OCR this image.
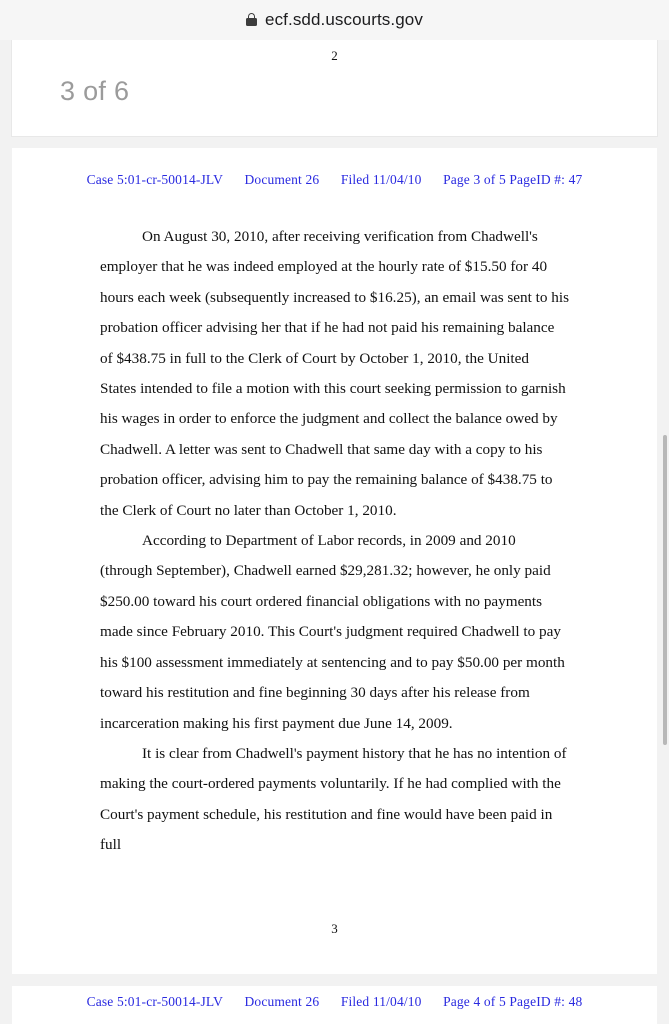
ecf.sdd.uscourts.gov
2
3 of 6
Case 5:01-cr-50014-JLV Document 26 Filed 11/04/10 Page 3 of 5 PageID #: 47

On August 30, 2010, after receiving verification from Chadwell's employer that he was indeed employed at the hourly rate of $15.50 for 40 hours each week (subsequently increased to $16.25), an email was sent to his probation officer advising her that if he had not paid his remaining balance of $438.75 in full to the Clerk of Court by October 1, 2010, the United States intended to file a motion with this court seeking permission to garnish his wages in order to enforce the judgment and collect the balance owed by Chadwell. A letter was sent to Chadwell that same day with a copy to his probation officer, advising him to pay the remaining balance of $438.75 to the Clerk of Court no later than October 1, 2010.

According to Department of Labor records, in 2009 and 2010 (through September), Chadwell earned $29,281.32; however, he only paid $250.00 toward his court ordered financial obligations with no payments made since February 2010. This Court's judgment required Chadwell to pay his $100 assessment immediately at sentencing and to pay $50.00 per month toward his restitution and fine beginning 30 days after his release from incarceration making his first payment due June 14, 2009.

It is clear from Chadwell's payment history that he has no intention of making the court-ordered payments voluntarily. If he had complied with the Court's payment schedule, his restitution and fine would have been paid in full

3
Case 5:01-cr-50014-JLV Document 26 Filed 11/04/10 Page 4 of 5 PageID #: 48
